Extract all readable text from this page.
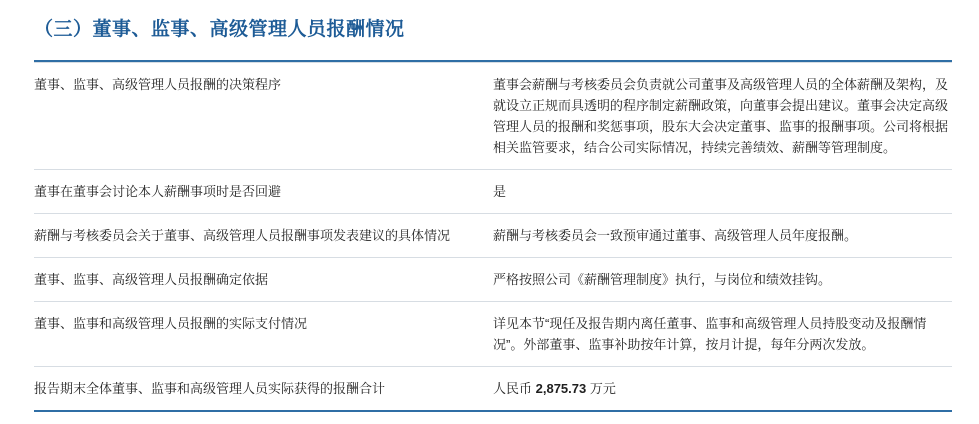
（三）董事、监事、高级管理人员报酬情况

董事、监事、高级管理人员报酬的决策程序	董事会薪酬与考核委员会负责就公司董事及高级管理人员的全体薪酬及架构，及就设立正规而具透明的程序制定薪酬政策，向董事会提出建议。董事会决定高级管理人员的报酬和奖惩事项，股东大会决定董事、监事的报酬事项。公司将根据相关监管要求，结合公司实际情况，持续完善绩效、薪酬等管理制度。
董事在董事会讨论本人薪酬事项时是否回避	是
薪酬与考核委员会关于董事、高级管理人员报酬事项发表建议的具体情况	薪酬与考核委员会一致预审通过董事、高级管理人员年度报酬。
董事、监事、高级管理人员报酬确定依据	严格按照公司《薪酬管理制度》执行，与岗位和绩效挂钩。
董事、监事和高级管理人员报酬的实际支付情况	详见本节“现任及报告期内离任董事、监事和高级管理人员持股变动及报酬情况”。外部董事、监事补助按年计算，按月计提，每年分两次发放。
报告期末全体董事、监事和高级管理人员实际获得的报酬合计	人民币 2,875.73 万元
